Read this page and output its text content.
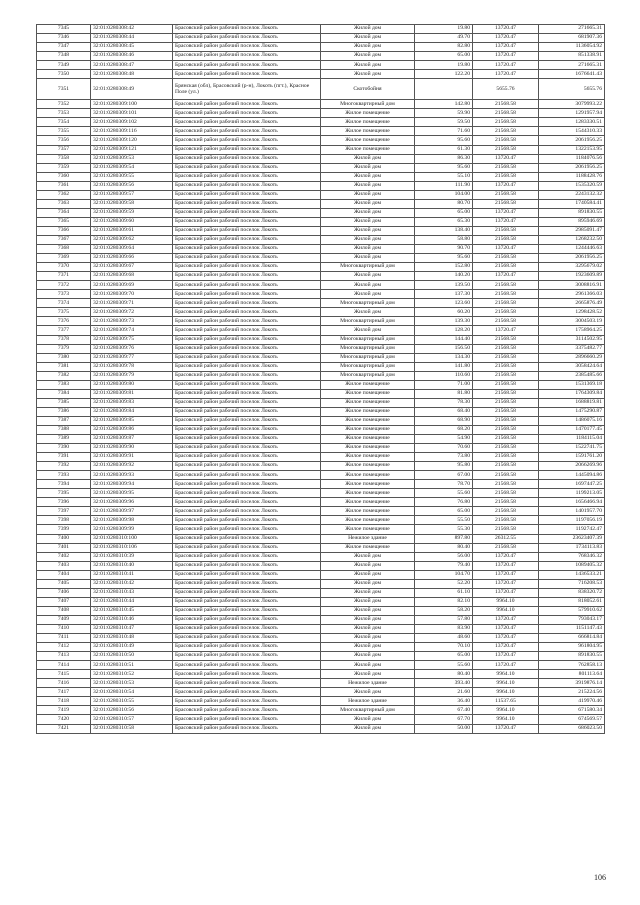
7345	32:01:0280308:42	Брасовский район рабочий поселок Локоть	Жилой дом	19.80	13720.47	271665.31
7346	32:01:0280308:44	Брасовский район рабочий поселок Локоть	Жилой дом	49.70	13720.47	681907.36
7347	32:01:0280308:45	Брасовский район рабочий поселок Локоть	Жилой дом	82.80	13720.47	1136054.92
7348	32:01:0280308:46	Брасовский район рабочий поселок Локоть	Жилой дом	65.00	13720.47	851338.91
7349	32:01:0280308:47	Брасовский район рабочий поселок Локоть	Жилой дом	19.80	13720.47	271665.31
7350	32:01:0280308:48	Брасовский район рабочий поселок Локоть	Жилой дом	122.20	13720.47	1676641.43
7351	32:01:0280308:49	Брянская (обл), Брасовский (р-н), Локоть (пгт.), Красное Поле (ул.)	Скотобойня		5655.76	5655.76
7352	32:01:0280309:100	Брасовский район рабочий поселок Локоть	Многоквартирный дом	142.80	21568.58	3079993.22
7353	32:01:0280309:101	Брасовский район рабочий поселок Локоть	Жилое помещение	59.90	21568.58	1291957.94
7354	32:01:0280309:102	Брасовский район рабочий поселок Локоть	Жилое помещение	59.50	21568.58	1283330.51
7355	32:01:0280309:116	Брасовский район рабочий поселок Локоть	Жилое помещение	71.60	21568.58	1544310.33
7356	32:01:0280309:120	Брасовский район рабочий поселок Локоть	Жилое помещение	95.60	21568.58	2061956.25
7357	32:01:0280309:121	Брасовский район рабочий поселок Локоть	Жилое помещение	61.30	21568.58	1322153.95
7358	32:01:0280309:53	Брасовский район рабочий поселок Локоть	Жилой дом	86.30	13720.47	1184076.56
7359	32:01:0280309:54	Брасовский район рабочий поселок Локоть	Жилой дом	95.60	21568.58	2061956.25
7360	32:01:0280309:55	Брасовский район рабочий поселок Локоть	Жилой дом	55.10	21568.58	1188428.76
7361	32:01:0280309:56	Брасовский район рабочий поселок Локоть	Жилой дом	111.90	13720.47	1535320.59
7362	32:01:0280309:57	Брасовский район рабочий поселок Локоть	Жилой дом	104.00	21568.58	2243132.32
7363	32:01:0280309:58	Брасовский район рабочий поселок Локоть	Жилой дом	80.70	21568.58	1740584.41
7364	32:01:0280309:59	Брасовский район рабочий поселок Локоть	Жилой дом	65.00	13720.47	891830.55
7365	32:01:0280309:60	Брасовский район рабочий поселок Локоть	Жилой дом	65.30	13720.47	895946.69
7366	32:01:0280309:61	Брасовский район рабочий поселок Локоть	Жилой дом	138.40	21568.58	2985091.47
7367	32:01:0280309:62	Брасовский район рабочий поселок Локоть	Жилой дом	58.80	21568.58	1268232.50
7368	32:01:0280309:64	Брасовский район рабочий поселок Локоть	Жилой дом	90.70	13720.47	1244446.63
7369	32:01:0280309:66	Брасовский район рабочий поселок Локоть	Жилой дом	95.60	21568.58	2061956.25
7370	32:01:0280309:67	Брасовский район рабочий поселок Локоть	Многоквартирный дом	152.80	21568.58	3295679.02
7371	32:01:0280309:68	Брасовский район рабочий поселок Локоть	Жилой дом	140.20	13720.47	1923609.89
7372	32:01:0280309:69	Брасовский район рабочий поселок Локоть	Жилой дом	139.50	21568.58	3008816.91
7373	32:01:0280309:70	Брасовский район рабочий поселок Локоть	Жилой дом	137.30	21568.58	2961366.03
7374	32:01:0280309:71	Брасовский район рабочий поселок Локоть	Многоквартирный дом	123.60	21568.58	2665876.49
7375	32:01:0280309:72	Брасовский район рабочий поселок Локоть	Жилой дом	60.20	21568.58	1298428.52
7376	32:01:0280309:73	Брасовский район рабочий поселок Локоть	Многоквартирный дом	139.30	21568.58	3004503.19
7377	32:01:0280309:74	Брасовский район рабочий поселок Локоть	Жилой дом	128.20	13720.47	1758964.25
7378	32:01:0280309:75	Брасовский район рабочий поселок Локоть	Многоквартирный дом	144.40	21568.58	3114502.95
7379	32:01:0280309:76	Брасовский район рабочий поселок Локоть	Многоквартирный дом	156.50	21568.58	3375482.77
7380	32:01:0280309:77	Брасовский район рабочий поселок Локоть	Многоквартирный дом	134.30	21568.58	2896660.29
7381	32:01:0280309:78	Брасовский район рабочий поселок Локоть	Многоквартирный дом	141.80	21568.58	3058424.64
7382	32:01:0280309:79	Брасовский район рабочий поселок Локоть	Многоквартирный дом	110.60	21568.58	2385485.66
7383	32:01:0280309:80	Брасовский район рабочий поселок Локоть	Жилое помещение	71.00	21568.58	1531369.18
7384	32:01:0280309:81	Брасовский район рабочий поселок Локоть	Жилое помещение	81.80	21568.58	1764309.84
7385	32:01:0280309:83	Брасовский район рабочий поселок Локоть	Жилое помещение	78.30	21568.58	1688819.81
7386	32:01:0280309:84	Брасовский район рабочий поселок Локоть	Жилое помещение	68.40	21568.58	1475290.87
7387	32:01:0280309:85	Брасовский район рабочий поселок Локоть	Жилое помещение	68.90	21568.58	1486075.16
7388	32:01:0280309:86	Брасовский район рабочий поселок Локоть	Жилое помещение	68.20	21568.58	1470177.45
7389	32:01:0280309:87	Брасовский район рабочий поселок Локоть	Жилое помещение	54.90	21568.58	1184115.04
7390	32:01:0280309:90	Брасовский район рабочий поселок Локоть	Жилое помещение	70.60	21568.58	1522741.75
7391	32:01:0280309:91	Брасовский район рабочий поселок Локоть	Жилое помещение	73.80	21568.58	1591761.20
7392	32:01:0280309:92	Брасовский район рабочий поселок Локоть	Жилое помещение	95.80	21568.58	2066269.96
7393	32:01:0280309:93	Брасовский район рабочий поселок Локоть	Жилое помещение	67.00	21568.58	1445094.86
7394	32:01:0280309:94	Брасовский район рабочий поселок Локоть	Жилое помещение	78.70	21568.58	1697447.25
7395	32:01:0280309:95	Брасовский район рабочий поселок Локоть	Жилое помещение	55.60	21568.58	1199213.05
7396	32:01:0280309:96	Брасовский район рабочий поселок Локоть	Жилое помещение	76.80	21568.58	1656466.94
7397	32:01:0280309:97	Брасовский район рабочий поселок Локоть	Жилое помещение	65.00	21568.58	1401957.70
7398	32:01:0280309:98	Брасовский район рабочий поселок Локоть	Жилое помещение	55.50	21568.58	1197056.19
7399	32:01:0280309:99	Брасовский район рабочий поселок Локоть	Жилое помещение	55.30	21568.58	1192742.47
7400	32:01:0280310:100	Брасовский район рабочий поселок Локоть	Нежилое здание	897.80	26312.55	23623407.39
7401	32:01:0280310:106	Брасовский район рабочий поселок Локоть	Жилое помещение	80.40	21568.58	1734113.83
7402	32:01:0280310:39	Брасовский район рабочий поселок Локоть	Жилой дом	56.00	13720.47	768346.32
7403	32:01:0280310:40	Брасовский район рабочий поселок Локоть	Жилой дом	79.40	13720.47	1089405.32
7404	32:01:0280310:41	Брасовский район рабочий поселок Локоть	Жилой дом	104.70	13720.47	1436533.21
7405	32:01:0280310:42	Брасовский район рабочий поселок Локоть	Жилой дом	52.20	13720.47	716208.53
7406	32:01:0280310:43	Брасовский район рабочий поселок Локоть	Жилой дом	61.10	13720.47	838320.72
7407	32:01:0280310:44	Брасовский район рабочий поселок Локоть	Жилой дом	82.10	9964.10	818052.61
7408	32:01:0280310:45	Брасовский район рабочий поселок Локоть	Жилой дом	58.20	9964.10	579910.62
7409	32:01:0280310:46	Брасовский район рабочий поселок Локоть	Жилой дом	57.80	13720.47	793043.17
7410	32:01:0280310:47	Брасовский район рабочий поселок Локоть	Жилой дом	83.90	13720.47	1151147.43
7411	32:01:0280310:48	Брасовский район рабочий поселок Локоть	Жилой дом	48.60	13720.47	666814.84
7412	32:01:0280310:49	Брасовский район рабочий поселок Локоть	Жилой дом	70.10	13720.47	961804.95
7413	32:01:0280310:50	Брасовский район рабочий поселок Локоть	Жилой дом	65.00	13720.47	891830.55
7414	32:01:0280310:51	Брасовский район рабочий поселок Локоть	Жилой дом	55.60	13720.47	762858.13
7415	32:01:0280310:52	Брасовский район рабочий поселок Локоть	Жилой дом	80.40	9964.10	801113.64
7416	32:01:0280310:53	Брасовский район рабочий поселок Локоть	Нежилое здание	393.40	9964.10	3919876.14
7417	32:01:0280310:54	Брасовский район рабочий поселок Локоть	Жилой дом	21.60	9964.10	215224.56
7418	32:01:0280310:55	Брасовский район рабочий поселок Локоть	Нежилое здание	36.40	11537.65	419970.46
7419	32:01:0280310:56	Брасовский район рабочий поселок Локоть	Многоквартирный дом	67.40	9964.10	671580.34
7420	32:01:0280310:57	Брасовский район рабочий поселок Локоть	Жилой дом	67.70	9964.10	674569.57
7421	32:01:0280310:58	Брасовский район рабочий поселок Локоть	Жилой дом	50.00	13720.47	686023.50
106
